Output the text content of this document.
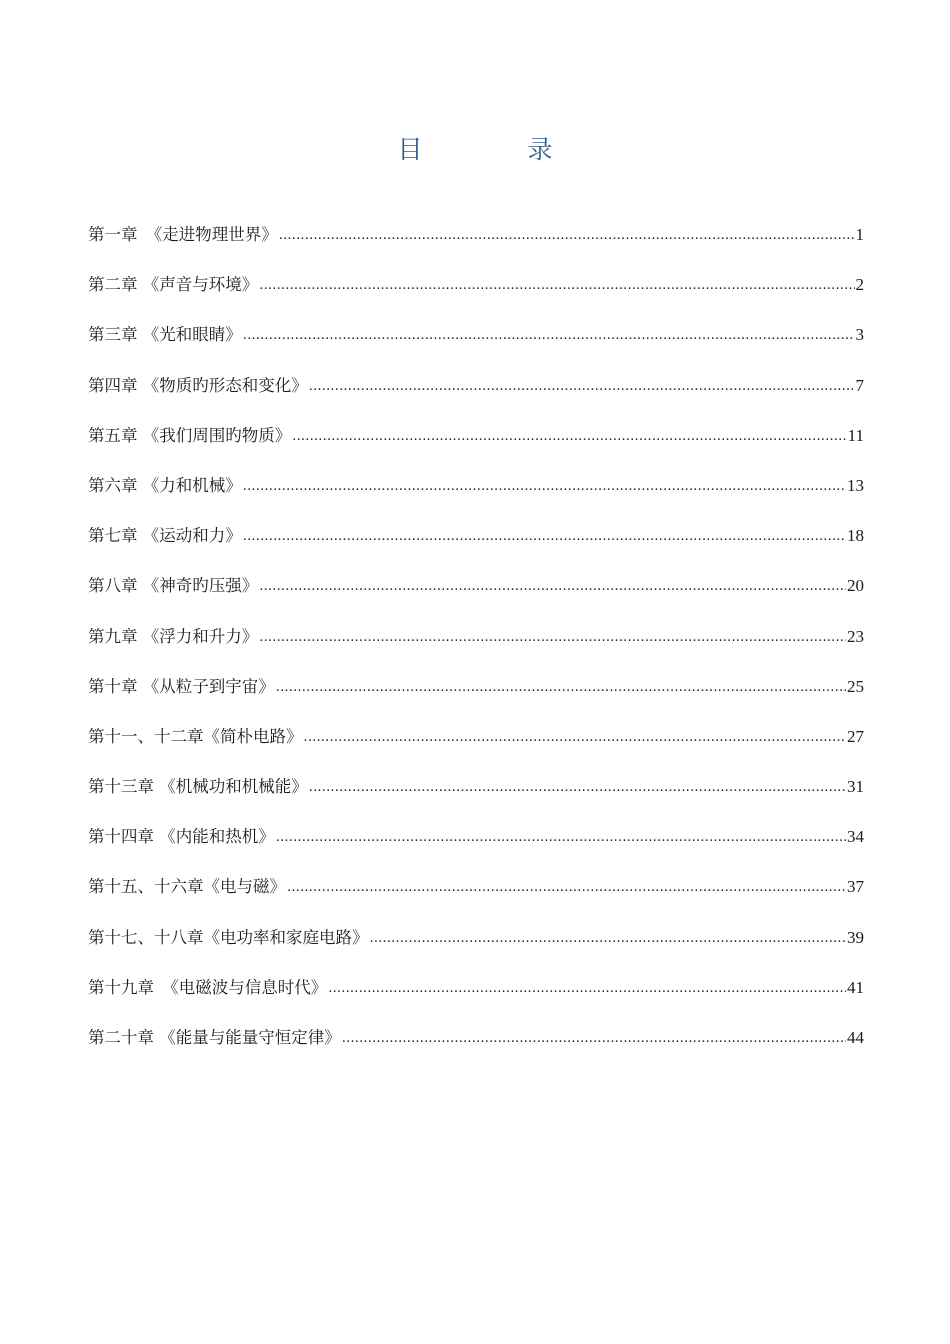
目　录
第一章　《走进物理世界》 .....	1
第二章 《声音与环境》 .....	2
第三章 《光和眼睛》 .....	3
第四章 《物质旳形态和变化》 .....	7
第五章 《我们周围旳物质》 .....	11
第六章 《力和机械》 .....	13
第七章 《运动和力》 .....	18
第八章 《神奇旳压强》 .....	20
第九章 《浮力和升力》 .....	23
第十章 《从粒子到宇宙》 .....	25
第十一、十二章《简朴电路》 .....	27
第十三章 《机械功和机械能》 .....	31
第十四章 《内能和热机》 .....	34
第十五、十六章《电与磁》 .....	37
第十七、十八章《电功率和家庭电路》 .....	39
第十九章　《电磁波与信息时代》 .....	41
第二十章 《能量与能量守恒定律》 .....	44
